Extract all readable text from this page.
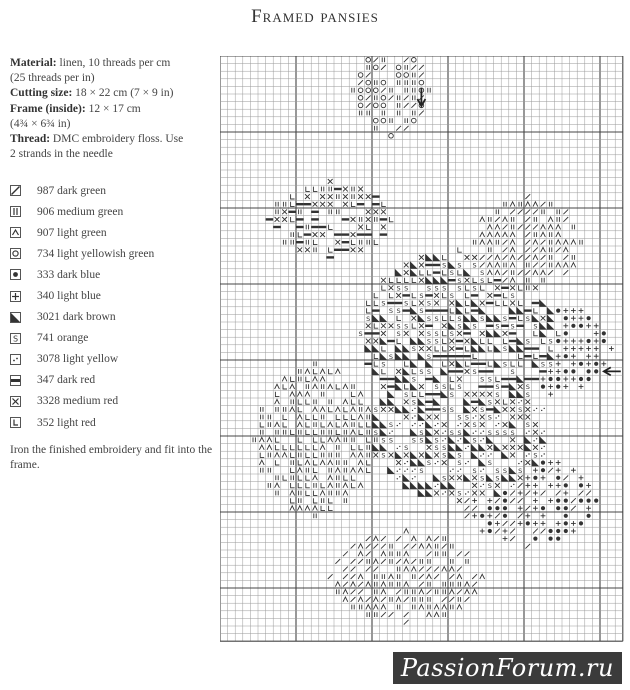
Framed pansies
Material: linen, 10 threads per cm
(25 threads per in)
Cutting size: 18 × 22 cm (7 × 9 in)
Frame (inside): 12 × 17 cm
(4¾ × 6¾ in)
Thread: DMC embroidery floss. Use
2 strands in the needle
987 dark green
906 medium green
907 light green
734 light yellowish green
333 dark blue
340 light blue
3021 dark brown
S 741 orange
3078 light yellow
347 dark red
3328 medium red
352 light red
Iron the finished embroidery and fit into the frame.
S S S
S	S
S	S
S S	S S S S S
S	S	S
S	S	S
S S	S
S	S S	S	S	S	S
S S	S S	S S	S
S	S	S S S
S S	S	S
S	S
S	S
S	S	S S
S S	S	S
S	S S
S S S	S	S
S	S	S	S
S	S
S	S S	S	S
S S	S
S	S	S
S	S	S S	S S S S
S S	S S S	S
S	S S
S	S S	S
S	S	S
S	S	S S S
S	S S
S
S
PassionForum.ru
